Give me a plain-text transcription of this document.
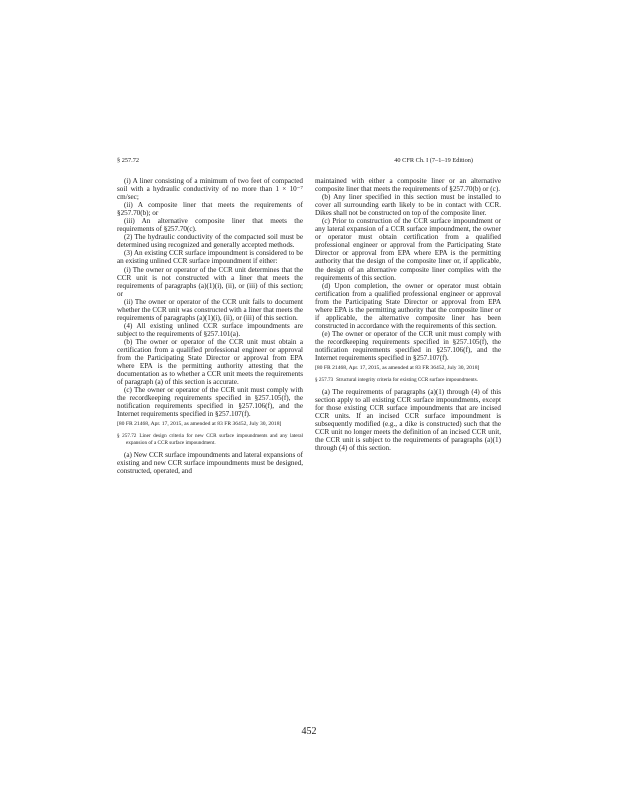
§ 257.72	40 CFR Ch. I (7–1–19 Edition)

(i) A liner consisting of a minimum of two feet of compacted soil with a hydraulic conductivity of no more than 1 × 10⁻⁷ cm/sec;

(ii) A composite liner that meets the requirements of §257.70(b); or

(iii) An alternative composite liner that meets the requirements of §257.70(c).

(2) The hydraulic conductivity of the compacted soil must be determined using recognized and generally accepted methods.

(3) An existing CCR surface impoundment is considered to be an existing unlined CCR surface impoundment if either:

(i) The owner or operator of the CCR unit determines that the CCR unit is not constructed with a liner that meets the requirements of paragraphs (a)(1)(i), (ii), or (iii) of this section; or

(ii) The owner or operator of the CCR unit fails to document whether the CCR unit was constructed with a liner that meets the requirements of paragraphs (a)(1)(i), (ii), or (iii) of this section.

(4) All existing unlined CCR surface impoundments are subject to the requirements of §257.101(a).

(b) The owner or operator of the CCR unit must obtain a certification from a qualified professional engineer or approval from the Participating State Director or approval from EPA where EPA is the permitting authority attesting that the documentation as to whether a CCR unit meets the requirements of paragraph (a) of this section is accurate.

(c) The owner or operator of the CCR unit must comply with the recordkeeping requirements specified in §257.105(f), the notification requirements specified in §257.106(f), and the Internet requirements specified in §257.107(f).

[80 FR 21468, Apr. 17, 2015, as amended at 83 FR 36452, July 30, 2018]

§ 257.72 Liner design criteria for new CCR surface impoundments and any lateral expansion of a CCR surface impoundment.

(a) New CCR surface impoundments and lateral expansions of existing and new CCR surface impoundments must be designed, constructed, operated, and

maintained with either a composite liner or an alternative composite liner that meets the requirements of §257.70(b) or (c).

(b) Any liner specified in this section must be installed to cover all surrounding earth likely to be in contact with CCR. Dikes shall not be constructed on top of the composite liner.

(c) Prior to construction of the CCR surface impoundment or any lateral expansion of a CCR surface impoundment, the owner or operator must obtain certification from a qualified professional engineer or approval from the Participating State Director or approval from EPA where EPA is the permitting authority that the design of the composite liner or, if applicable, the design of an alternative composite liner complies with the requirements of this section.

(d) Upon completion, the owner or operator must obtain certification from a qualified professional engineer or approval from the Participating State Director or approval from EPA where EPA is the permitting authority that the composite liner or if applicable, the alternative composite liner has been constructed in accordance with the requirements of this section.

(e) The owner or operator of the CCR unit must comply with the recordkeeping requirements specified in §257.105(f), the notification requirements specified in §257.106(f), and the Internet requirements specified in §257.107(f).

[80 FR 21468, Apr. 17, 2015, as amended at 83 FR 36452, July 30, 2018]

§ 257.73 Structural integrity criteria for existing CCR surface impoundments.

(a) The requirements of paragraphs (a)(1) through (4) of this section apply to all existing CCR surface impoundments, except for those existing CCR surface impoundments that are incised CCR units. If an incised CCR surface impoundment is subsequently modified (e.g., a dike is constructed) such that the CCR unit no longer meets the definition of an incised CCR unit, the CCR unit is subject to the requirements of paragraphs (a)(1) through (4) of this section.

452
